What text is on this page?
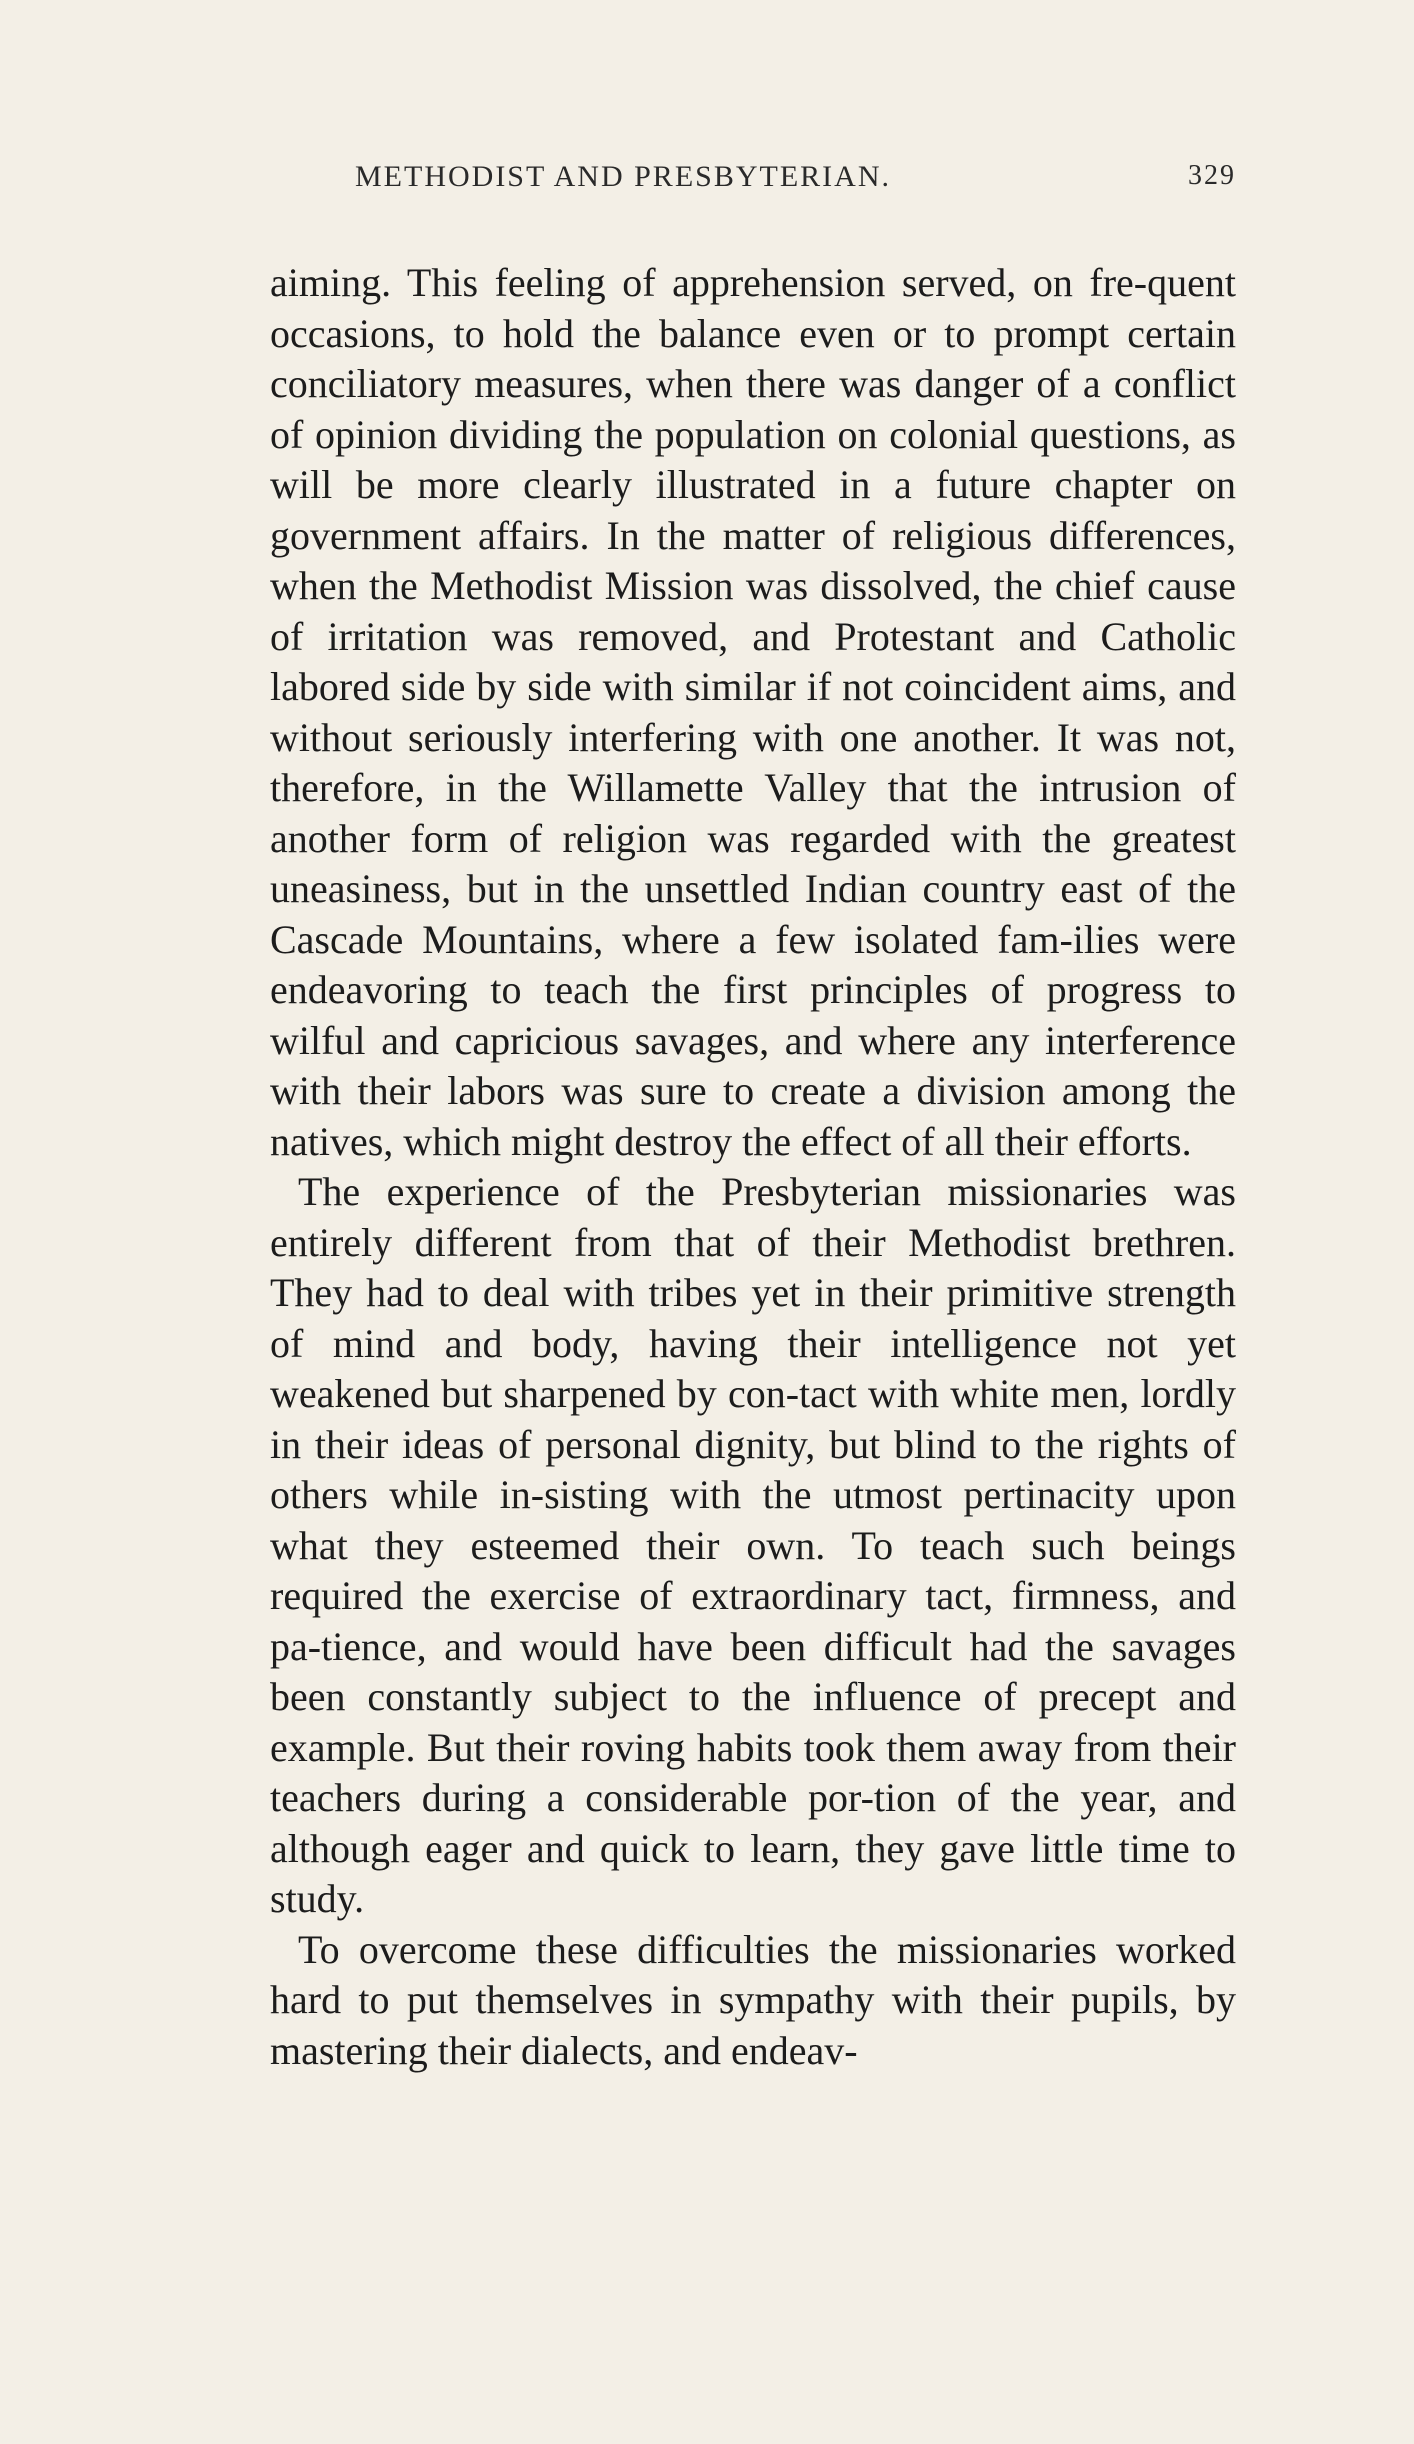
METHODIST AND PRESBYTERIAN.	329

aiming. This feeling of apprehension served, on fre-quent occasions, to hold the balance even or to prompt certain conciliatory measures, when there was danger of a conflict of opinion dividing the population on colonial questions, as will be more clearly illustrated in a future chapter on government affairs. In the matter of religious differences, when the Methodist Mission was dissolved, the chief cause of irritation was removed, and Protestant and Catholic labored side by side with similar if not coincident aims, and without seriously interfering with one another. It was not, therefore, in the Willamette Valley that the intrusion of another form of religion was regarded with the greatest uneasiness, but in the unsettled Indian country east of the Cascade Mountains, where a few isolated fam-ilies were endeavoring to teach the first principles of progress to wilful and capricious savages, and where any interference with their labors was sure to create a division among the natives, which might destroy the effect of all their efforts.

The experience of the Presbyterian missionaries was entirely different from that of their Methodist brethren. They had to deal with tribes yet in their primitive strength of mind and body, having their intelligence not yet weakened but sharpened by con-tact with white men, lordly in their ideas of personal dignity, but blind to the rights of others while in-sisting with the utmost pertinacity upon what they esteemed their own. To teach such beings required the exercise of extraordinary tact, firmness, and pa-tience, and would have been difficult had the savages been constantly subject to the influence of precept and example. But their roving habits took them away from their teachers during a considerable por-tion of the year, and although eager and quick to learn, they gave little time to study.

To overcome these difficulties the missionaries worked hard to put themselves in sympathy with their pupils, by mastering their dialects, and endeav-
